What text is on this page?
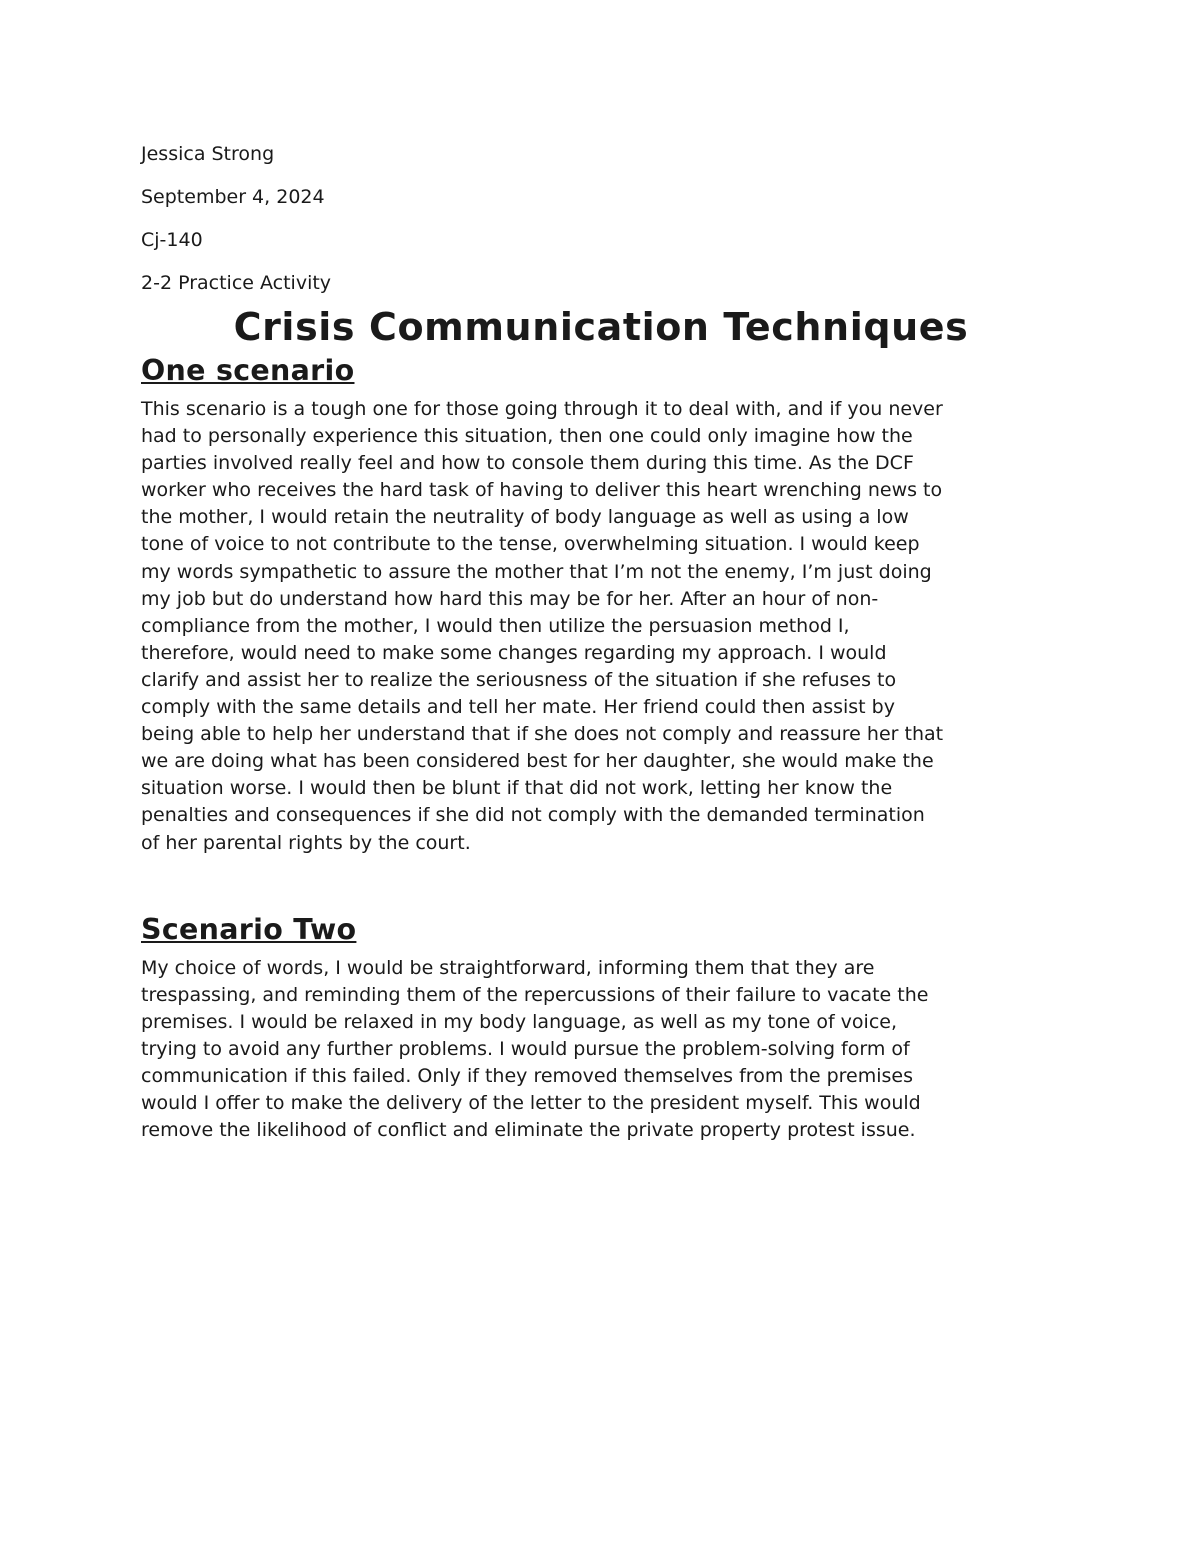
Jessica Strong

September 4, 2024

Cj-140

2-2 Practice Activity

Crisis Communication Techniques
One scenario

This scenario is a tough one for those going through it to deal with, and if you never
had to personally experience this situation, then one could only imagine how the
parties involved really feel and how to console them during this time. As the DCF
worker who receives the hard task of having to deliver this heart wrenching news to
the mother, I would retain the neutrality of body language as well as using a low
tone of voice to not contribute to the tense, overwhelming situation. I would keep
my words sympathetic to assure the mother that I’m not the enemy, I’m just doing
my job but do understand how hard this may be for her. After an hour of non-
compliance from the mother, I would then utilize the persuasion method I,
therefore, would need to make some changes regarding my approach. I would
clarify and assist her to realize the seriousness of the situation if she refuses to
comply with the same details and tell her mate. Her friend could then assist by
being able to help her understand that if she does not comply and reassure her that
we are doing what has been considered best for her daughter, she would make the
situation worse. I would then be blunt if that did not work, letting her know the
penalties and consequences if she did not comply with the demanded termination
of her parental rights by the court.

Scenario Two

My choice of words, I would be straightforward, informing them that they are
trespassing, and reminding them of the repercussions of their failure to vacate the
premises. I would be relaxed in my body language, as well as my tone of voice,
trying to avoid any further problems. I would pursue the problem-solving form of
communication if this failed. Only if they removed themselves from the premises
would I offer to make the delivery of the letter to the president myself. This would
remove the likelihood of conflict and eliminate the private property protest issue.
